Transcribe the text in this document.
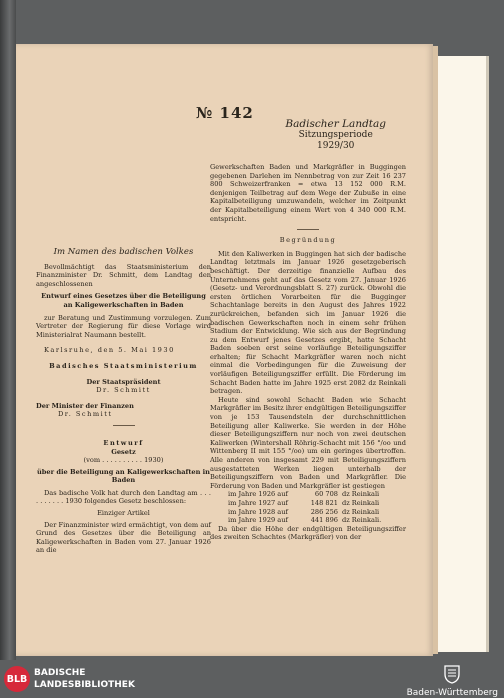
№ 142
Badischer Landtag
Sitzungsperiode
1929/30

Im Namen des badischen Volkes

Bevollmächtigt das Staatsministerium den Finanzminister Dr. Schmitt, dem Landtag den angeschlossenen

Entwurf eines Gesetzes über die Beteiligung an Kaligewerkschaften in Baden

zur Beratung und Zustimmung vorzulegen. Zum Vertreter der Regierung für diese Vorlage wird Ministerialrat Naumann bestellt.

Karlsruhe, den 5. Mai 1930

Badisches Staatsministerium

Der Staatspräsident

Dr. Schmitt

Der Minister der Finanzen

Dr. Schmitt

Entwurf

Gesetz

(vom . . . . . . . . . . 1930)

über die Beteiligung an Kaligewerkschaften in Baden

Das badische Volk hat durch den Landtag am . . . . . . . . . . 1930 folgendes Gesetz beschlossen:

Einziger Artikel

Der Finanzminister wird ermächtigt, von dem auf Grund des Gesetzes über die Beteiligung an Kaligewerkschaften in Baden vom 27. Januar 1926 an die

Gewerkschaften Baden und Markgräfler in Buggingen gegebenen Darlehen im Nennbetrag von zur Zeit 16 237 800 Schweizerfranken = etwa 13 152 000 R.M. denjenigen Teilbetrag auf dem Wege der Zubuße in eine Kapitalbeteiligung umzuwandeln, welcher im Zeitpunkt der Kapitalbeteiligung einem Wert von 4 340 000 R.M. entspricht.

Begründung

Mit den Kaliwerken in Buggingen hat sich der badische Landtag letztmals im Januar 1926 gesetzgeberisch beschäftigt. Der derzeitige finanzielle Aufbau des Unternehmens geht auf das Gesetz vom 27. Januar 1926 (Gesetz- und Verordnungsblatt S. 27) zurück. Obwohl die ersten örtlichen Vorarbeiten für die Bugginger Schachtanlage bereits in den August des Jahres 1922 zurückreichen, befanden sich im Januar 1926 die badischen Gewerkschaften noch in einem sehr frühen Stadium der Entwicklung. Wie sich aus der Begründung zu dem Entwurf jenes Gesetzes ergibt, hatte Schacht Baden soeben erst seine vorläufige Beteiligungsziffer erhalten; für Schacht Markgräfler waren noch nicht einmal die Vorbedingungen für die Zuweisung der vorläufigen Beteiligungsziffer erfüllt. Die Förderung im Schacht Baden hatte im Jahre 1925 erst 2082 dz Reinkali betragen.

Heute sind sowohl Schacht Baden wie Schacht Markgräfler im Besitz ihrer endgültigen Beteiligungsziffer von je 153 Tausendsteln der durchschnittlichen Beteiligung aller Kaliwerke. Sie werden in der Höhe dieser Beteiligungsziffern nur noch von zwei deutschen Kaliwerken (Wintershall Röhrig-Schacht mit 156 °/oo und Wittenberg II mit 155 °/oo) um ein geringes übertroffen. Alle anderen von insgesamt 229 mit Beteiligungsziffern ausgestatteten Werken liegen unterhalb der Beteiligungsziffern von Baden und Markgräfler. Die Förderung von Baden und Markgräfler ist gestiegen

im Jahre 1926 auf	60 708 dz Reinkali
im Jahre 1927 auf	148 821 dz Reinkali
im Jahre 1928 auf	286 256 dz Reinkali
im Jahre 1929 auf	441 896 dz Reinkali.

Da über die Höhe der endgültigen Beteiligungsziffer des zweiten Schachtes (Markgräfler) von der

BLB
BADISCHE
LANDESBIBLIOTHEK
Baden-Württemberg
